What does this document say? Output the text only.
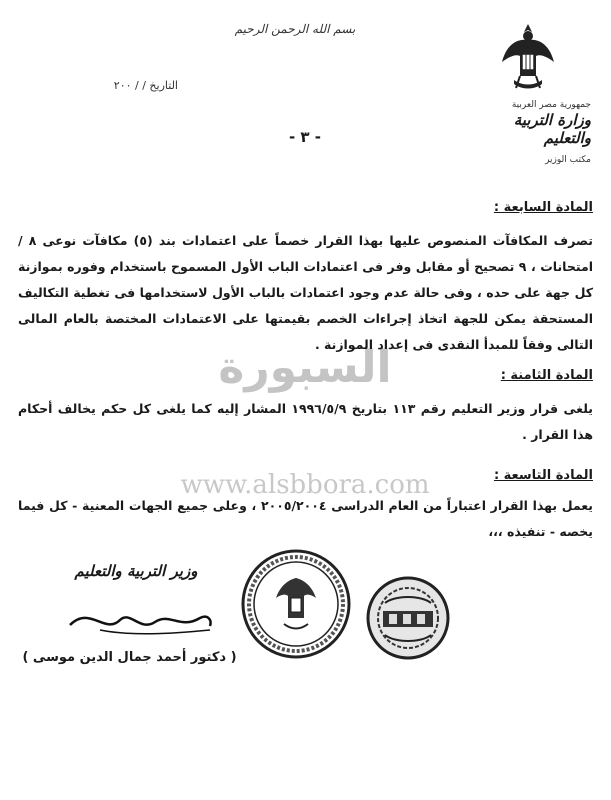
بسم الله الرحمن الرحيم
جمهورية مصر العربية
وزارة التربية والتعليم
مكتب الوزير
التاريخ / / ٢٠٠
- ٣ -
السبورة
www.alsbbora.com
المادة السابعة :
تصرف المكافآت المنصوص عليها بهذا القرار خصماً على اعتمادات بند (٥) مكافآت نوعى ٨ / امتحانات ، ٩ تصحيح أو مقابل وفر فى اعتمادات الباب الأول المسموح باستخدام وفوره بموازنة كل جهة على حده ، وفى حالة عدم وجود اعتمادات بالباب الأول لاستخدامها فى تغطية التكاليف المستحقة يمكن للجهة اتخاذ إجراءات الخصم بقيمتها على الاعتمادات المختصة بالعام المالى التالى وفقاً للمبدأ النقدى فى إعداد الموازنة .
المادة الثامنة :
يلغى قرار وزير التعليم رقم ١١٣ بتاريخ ١٩٩٦/٥/٩ المشار إليه كما يلغى كل حكم يخالف أحكام هذا القرار .
المادة التاسعة :
يعمل بهذا القرار اعتباراً من العام الدراسى ٢٠٠٥/٢٠٠٤ ، وعلى جميع الجهات المعنية - كل فيما يخصه - تنفيذه ،،،
وزير التربية والتعليم
( دكتور أحمد جمال الدين موسى )
